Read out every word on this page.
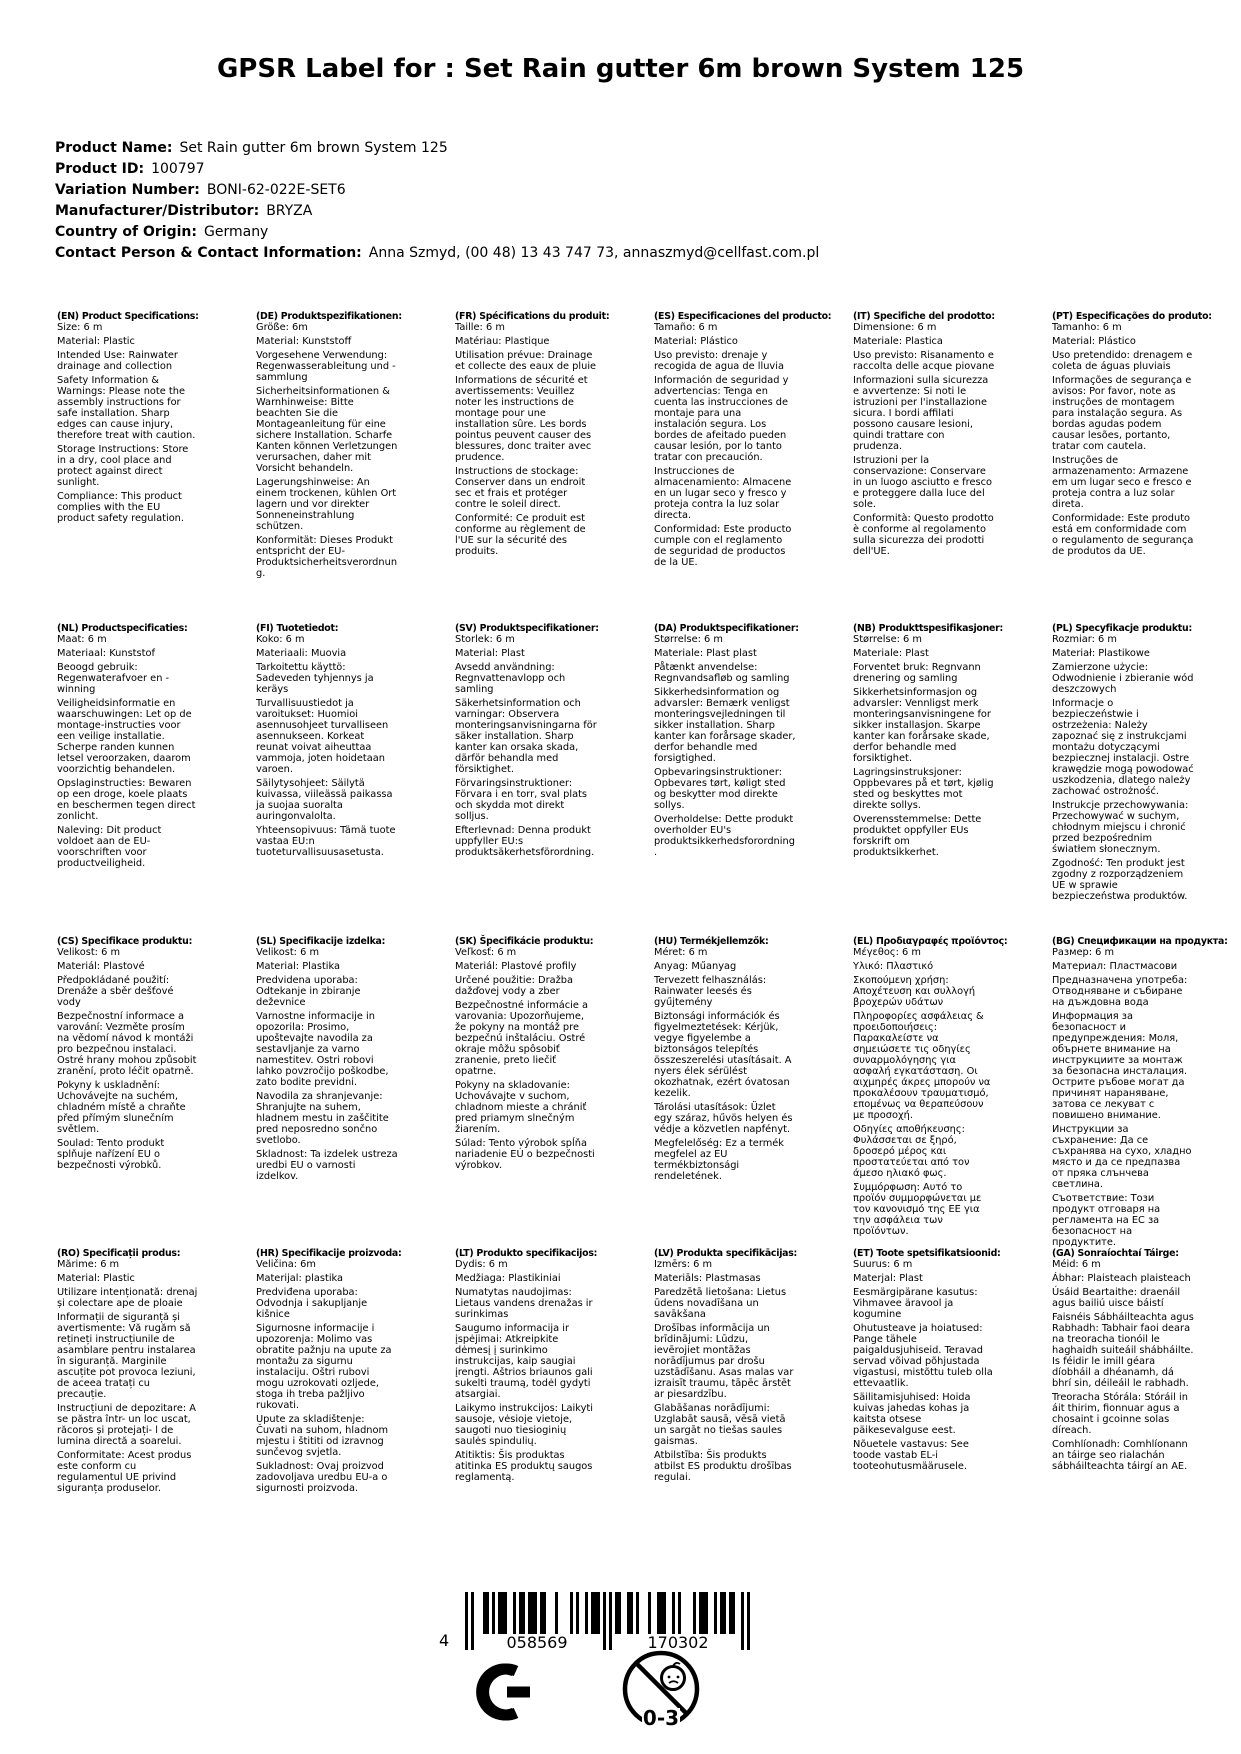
GPSR Label for : Set Rain gutter 6m brown System 125
Product Name: Set Rain gutter 6m brown System 125
Product ID: 100797
Variation Number: BONI-62-022E-SET6
Manufacturer/Distributor: BRYZA
Country of Origin: Germany
Contact Person & Contact Information: Anna Szmyd, (00 48) 13 43 747 73, annaszmyd@cellfast.com.pl
(EN) Product Specifications:

Size: 6 m

Material: Plastic

Intended Use: Rainwater drainage and collection

Safety Information & Warnings: Please note the assembly instructions for safe installation. Sharp edges can cause injury, therefore treat with caution.

Storage Instructions: Store in a dry, cool place and protect against direct sunlight.

Compliance: This product complies with the EU product safety regulation.

(DE) Produktspezifikationen:

Größe: 6m

Material: Kunststoff

Vorgesehene Verwendung: Regenwasserableitung und -sammlung

Sicherheitsinformationen & Warnhinweise: Bitte beachten Sie die Montageanleitung für eine sichere Installation. Scharfe Kanten können Verletzungen verursachen, daher mit Vorsicht behandeln.

Lagerungshinweise: An einem trockenen, kühlen Ort lagern und vor direkter Sonneneinstrahlung schützen.

Konformität: Dieses Produkt entspricht der EU-Produktsicherheitsverordnung.

(FR) Spécifications du produit:

Taille: 6 m

Matériau: Plastique

Utilisation prévue: Drainage et collecte des eaux de pluie

Informations de sécurité et avertissements: Veuillez noter les instructions de montage pour une installation sûre. Les bords pointus peuvent causer des blessures, donc traiter avec prudence.

Instructions de stockage: Conserver dans un endroit sec et frais et protéger contre le soleil direct.

Conformité: Ce produit est conforme au règlement de l'UE sur la sécurité des produits.

(ES) Especificaciones del producto:

Tamaño: 6 m

Material: Plástico

Uso previsto: drenaje y recogida de agua de lluvia

Información de seguridad y advertencias: Tenga en cuenta las instrucciones de montaje para una instalación segura. Los bordes de afeitado pueden causar lesión, por lo tanto tratar con precaución.

Instrucciones de almacenamiento: Almacene en un lugar seco y fresco y proteja contra la luz solar directa.

Conformidad: Este producto cumple con el reglamento de seguridad de productos de la UE.

(IT) Specifiche del prodotto:

Dimensione: 6 m

Materiale: Plastica

Uso previsto: Risanamento e raccolta delle acque piovane

Informazioni sulla sicurezza e avvertenze: Si noti le istruzioni per l'installazione sicura. I bordi affilati possono causare lesioni, quindi trattare con prudenza.

Istruzioni per la conservazione: Conservare in un luogo asciutto e fresco e proteggere dalla luce del sole.

Conformità: Questo prodotto è conforme al regolamento sulla sicurezza dei prodotti dell'UE.

(PT) Especificações do produto:

Tamanho: 6 m

Material: Plástico

Uso pretendido: drenagem e coleta de águas pluviais

Informações de segurança e avisos: Por favor, note as instruções de montagem para instalação segura. As bordas agudas podem causar lesões, portanto, tratar com cautela.

Instruções de armazenamento: Armazene em um lugar seco e fresco e proteja contra a luz solar direta.

Conformidade: Este produto está em conformidade com o regulamento de segurança de produtos da UE.

(NL) Productspecificaties:

Maat: 6 m

Materiaal: Kunststof

Beoogd gebruik: Regenwaterafvoer en -winning

Veiligheidsinformatie en waarschuwingen: Let op de montage-instructies voor een veilige installatie. Scherpe randen kunnen letsel veroorzaken, daarom voorzichtig behandelen.

Opslaginstructies: Bewaren op een droge, koele plaats en beschermen tegen direct zonlicht.

Naleving: Dit product voldoet aan de EU-voorschriften voor productveiligheid.

(FI) Tuotetiedot:

Koko: 6 m

Materiaali: Muovia

Tarkoitettu käyttö: Sadeveden tyhjennys ja keräys

Turvallisuustiedot ja varoitukset: Huomioi asennusohjeet turvalliseen asennukseen. Korkeat reunat voivat aiheuttaa vammoja, joten hoidetaan varoen.

Säilytysohjeet: Säilytä kuivassa, viileässä paikassa ja suojaa suoralta auringonvalolta.

Yhteensopivuus: Tämä tuote vastaa EU:n tuoteturvallisuusasetusta.

(SV) Produktspecifikationer:

Storlek: 6 m

Material: Plast

Avsedd användning: Regnvattenavlopp och samling

Säkerhetsinformation och varningar: Observera monteringsanvisningarna för säker installation. Sharp kanter kan orsaka skada, därför behandla med försiktighet.

Förvaringsinstruktioner: Förvara i en torr, sval plats och skydda mot direkt solljus.

Efterlevnad: Denna produkt uppfyller EU:s produktsäkerhetsförordning.

(DA) Produktspecifikationer:

Størrelse: 6 m

Materiale: Plast plast

Påtænkt anvendelse: Regnvandsafløb og samling

Sikkerhedsinformation og advarsler: Bemærk venligst monteringsvejledningen til sikker installation. Sharp kanter kan forårsage skader, derfor behandle med forsigtighed.

Opbevaringsinstruktioner: Opbevares tørt, køligt sted og beskytter mod direkte sollys.

Overholdelse: Dette produkt overholder EU's produktsikkerhedsforordning.

(NB) Produkttspesifikasjoner:

Størrelse: 6 m

Materiale: Plast

Forventet bruk: Regnvann drenering og samling

Sikkerhetsinformasjon og advarsler: Vennligst merk monteringsanvisningene for sikker installasjon. Skarpe kanter kan forårsake skade, derfor behandle med forsiktighet.

Lagringsinstruksjoner: Oppbevares på et tørt, kjølig sted og beskyttes mot direkte sollys.

Overensstemmelse: Dette produktet oppfyller EUs forskrift om produktsikkerhet.

(PL) Specyfikacje produktu:

Rozmiar: 6 m

Materiał: Plastikowe

Zamierzone użycie: Odwodnienie i zbieranie wód deszczowych

Informacje o bezpieczeństwie i ostrzeżenia: Należy zapoznać się z instrukcjami montażu dotyczącymi bezpiecznej instalacji. Ostre krawędzie mogą powodować uszkodzenia, dlatego należy zachować ostrożność.

Instrukcje przechowywania: Przechowywać w suchym, chłodnym miejscu i chronić przed bezpośrednim światłem słonecznym.

Zgodność: Ten produkt jest zgodny z rozporządzeniem UE w sprawie bezpieczeństwa produktów.

(CS) Specifikace produktu:

Velikost: 6 m

Materiál: Plastové

Předpokládané použití: Drenáže a sběr dešťové vody

Bezpečnostní informace a varování: Vezměte prosím na vědomí návod k montáži pro bezpečnou instalaci. Ostré hrany mohou způsobit zranění, proto léčit opatrně.

Pokyny k uskladnění: Uchovávejte na suchém, chladném místě a chraňte před přímým slunečním světlem.

Soulad: Tento produkt splňuje nařízení EU o bezpečnosti výrobků.

(SL) Specifikacije izdelka:

Velikost: 6 m

Material: Plastika

Predvidena uporaba: Odtekanje in zbiranje deževnice

Varnostne informacije in opozorila: Prosimo, upoštevajte navodila za sestavljanje za varno namestitev. Ostri robovi lahko povzročijo poškodbe, zato bodite previdni.

Navodila za shranjevanje: Shranjujte na suhem, hladnem mestu in zaščitite pred neposredno sončno svetlobo.

Skladnost: Ta izdelek ustreza uredbi EU o varnosti izdelkov.

(SK) Špecifikácie produktu:

Veľkosť: 6 m

Materiál: Plastové profily

Určené použitie: Dražba dažďovej vody a zber

Bezpečnostné informácie a varovania: Upozorňujeme, že pokyny na montáž pre bezpečnú inštaláciu. Ostré okraje môžu spôsobiť zranenie, preto liečiť opatrne.

Pokyny na skladovanie: Uchovávajte v suchom, chladnom mieste a chrániť pred priamym slnečným žiarením.

Súlad: Tento výrobok spĺňa nariadenie EÚ o bezpečnosti výrobkov.

(HU) Termékjellemzők:

Méret: 6 m

Anyag: Műanyag

Tervezett felhasználás: Rainwater leesés és gyűjtemény

Biztonsági információk és figyelmeztetések: Kérjük, vegye figyelembe a biztonságos telepítés összeszerelési utasításait. A nyers élek sérülést okozhatnak, ezért óvatosan kezelik.

Tárolási utasítások: Üzlet egy száraz, hűvös helyen és védje a közvetlen napfényt.

Megfelelőség: Ez a termék megfelel az EU termékbiztonsági rendeletének.

(EL) Προδιαγραφές προϊόντος:

Μέγεθος: 6 m

Υλικό: Πλαστικό

Σκοπούμενη χρήση: Αποχέτευση και συλλογή βροχερών υδάτων

Πληροφορίες ασφάλειας & προειδοποιήσεις: Παρακαλείστε να σημειώσετε τις οδηγίες συναρμολόγησης για ασφαλή εγκατάσταση. Οι αιχμηρές άκρες μπορούν να προκαλέσουν τραυματισμό, επομένως να θεραπεύσουν με προσοχή.

Οδηγίες αποθήκευσης: Φυλάσσεται σε ξηρό, δροσερό μέρος και προστατεύεται από τον άμεσο ηλιακό φως.

Συμμόρφωση: Αυτό το προϊόν συμμορφώνεται με τον κανονισμό της ΕΕ για την ασφάλεια των προϊόντων.

(BG) Спецификации на продукта:

Размер: 6 m

Материал: Пластмасови

Предназначена употреба: Отводняване и събиране на дъждовна вода

Информация за безопасност и предупреждения: Моля, обърнете внимание на инструкциите за монтаж за безопасна инсталация. Острите ръбове могат да причинят нараняване, затова се лекуват с повишено внимание.

Инструкции за съхранение: Да се съхранява на сухо, хладно място и да се предпазва от пряка слънчева светлина.

Съответствие: Този продукт отговаря на регламента на ЕС за безопасност на продуктите.

(RO) Specificații produs:

Mărime: 6 m

Material: Plastic

Utilizare intenționată: drenaj și colectare ape de ploaie

Informații de siguranță și avertismente: Vă rugăm să rețineți instrucțiunile de asamblare pentru instalarea în siguranță. Marginile ascuțite pot provoca leziuni, de aceea tratați cu precauție.

Instrucțiuni de depozitare: A se păstra într- un loc uscat, răcoros și protejați- l de lumina directă a soarelui.

Conformitate: Acest produs este conform cu regulamentul UE privind siguranța produselor.

(HR) Specifikacije proizvoda:

Veličina: 6m

Materijal: plastika

Predviđena uporaba: Odvodnja i sakupljanje kišnice

Sigurnosne informacije i upozorenja: Molimo vas obratite pažnju na upute za montažu za sigurnu instalaciju. Oštri rubovi mogu uzrokovati ozljede, stoga ih treba pažljivo rukovati.

Upute za skladištenje: Čuvati na suhom, hladnom mjestu i štititi od izravnog sunčevog svjetla.

Sukladnost: Ovaj proizvod zadovoljava uredbu EU-a o sigurnosti proizvoda.

(LT) Produkto specifikacijos:

Dydis: 6 m

Medžiaga: Plastikiniai

Numatytas naudojimas: Lietaus vandens drenažas ir surinkimas

Saugumo informacija ir įspėjimai: Atkreipkite dėmesį į surinkimo instrukcijas, kaip saugiai įrengti. Aštrios briaunos gali sukelti traumą, todėl gydyti atsargiai.

Laikymo instrukcijos: Laikyti sausoje, vėsioje vietoje, saugoti nuo tiesioginių saulės spindulių.

Atitiktis: Šis produktas atitinka ES produktų saugos reglamentą.

(LV) Produkta specifikācijas:

Izmērs: 6 m

Materiāls: Plastmasas

Paredzētā lietošana: Lietus ūdens novadīšana un savākšana

Drošības informācija un brīdinājumi: Lūdzu, ievērojiet montāžas norādījumus par drošu uzstādīšanu. Asas malas var izraisīt traumu, tāpēc ārstēt ar piesardzību.

Glabāšanas norādījumi: Uzglabāt sausā, vēsā vietā un sargāt no tiešas saules gaismas.

Atbilstība: Šis produkts atbilst ES produktu drošības regulai.

(ET) Toote spetsifikatsioonid:

Suurus: 6 m

Materjal: Plast

Eesmärgipärane kasutus: Vihmavee äravool ja kogumine

Ohutusteave ja hoiatused: Pange tähele paigaldusjuhiseid. Teravad servad võivad põhjustada vigastusi, mistõttu tuleb olla ettevaatlik.

Säilitamisjuhised: Hoida kuivas jahedas kohas ja kaitsta otsese päikesevalguse eest.

Nõuetele vastavus: See toode vastab EL-i tooteohutusmäärusele.

(GA) Sonraíochtaí Táirge:

Méid: 6 m

Ábhar: Plaisteach plaisteach

Úsáid Beartaithe: draenáil agus bailiú uisce báistí

Faisnéis Sábháilteachta agus Rabhadh: Tabhair faoi deara na treoracha tionóil le haghaidh suiteáil shábháilte. Is féidir le imill géara díobháil a dhéanamh, dá bhrí sin, déileáil le rabhadh.

Treoracha Stórála: Stóráil in áit thirim, fionnuar agus a chosaint i gcoinne solas díreach.

Comhlíonadh: Comhlíonann an táirge seo rialachán sábháilteachta táirgí an AE.

4	058569	170302
0-3
